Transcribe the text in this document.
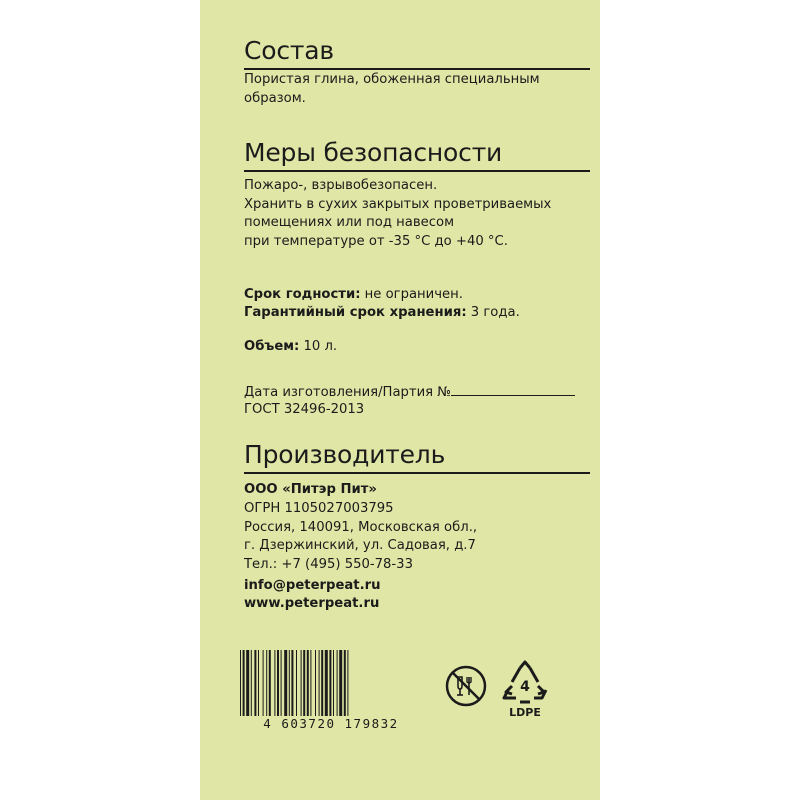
Состав
Пористая глина, обоженная специальным
образом.
Меры безопасности
Пожаро-, взрывобезопасен.
Хранить в сухих закрытых проветриваемых
помещениях или под навесом
при температуре от -35 °С до +40 °С.
Срок годности: не ограничен.
Гарантийный срок хранения: 3 года.
Объем: 10 л.
Дата изготовления/Партия №
ГОСТ 32496-2013
Производитель
ООО «Питэр Пит»
ОГРН 1105027003795
Россия, 140091, Московская обл.,
г. Дзержинский, ул. Садовая, д.7
Тел.: +7 (495) 550-78-33
info@peterpeat.ru
www.peterpeat.ru
4 603720 179832
4
LDPE
